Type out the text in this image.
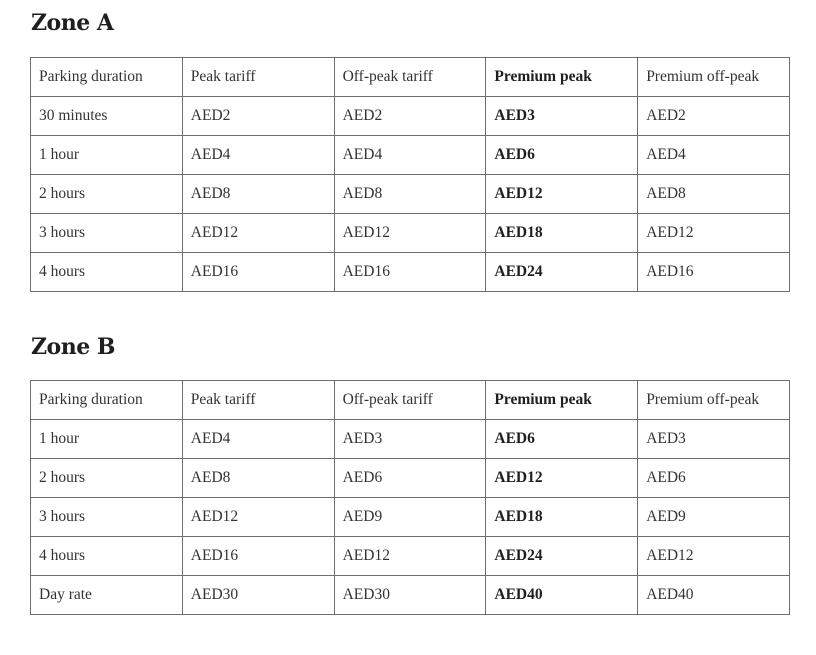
Zone A
Parking duration	Peak tariff	Off-peak tariff	Premium peak	Premium off-peak
30 minutes	AED2	AED2	AED3	AED2
1 hour	AED4	AED4	AED6	AED4
2 hours	AED8	AED8	AED12	AED8
3 hours	AED12	AED12	AED18	AED12
4 hours	AED16	AED16	AED24	AED16
Zone B
Parking duration	Peak tariff	Off-peak tariff	Premium peak	Premium off-peak
1 hour	AED4	AED3	AED6	AED3
2 hours	AED8	AED6	AED12	AED6
3 hours	AED12	AED9	AED18	AED9
4 hours	AED16	AED12	AED24	AED12
Day rate	AED30	AED30	AED40	AED40
